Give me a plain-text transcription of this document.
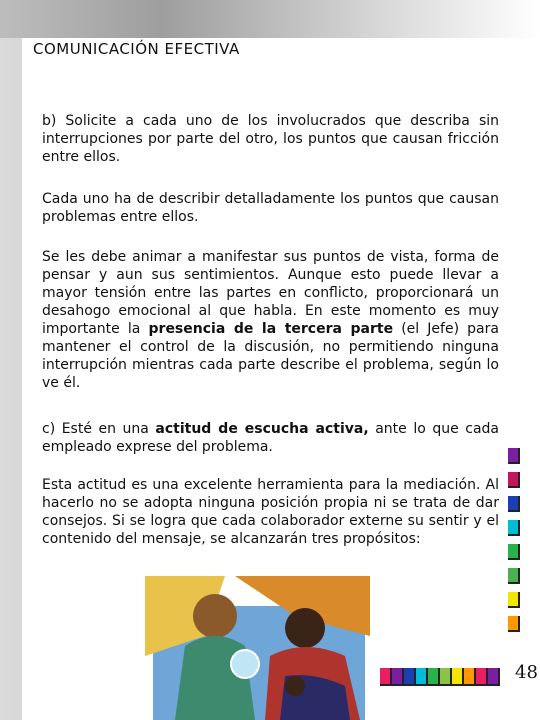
COMUNICACIÓN EFECTIVA

b) Solicite a cada uno de los involucrados que describa sin interrupciones por parte del otro, los puntos que causan fricción entre ellos.

Cada uno ha de describir detalladamente los puntos que causan problemas entre ellos.

Se les debe animar a manifestar sus puntos de vista, forma de pensar y aun sus sentimientos. Aunque esto puede llevar a mayor tensión entre las partes en conflicto, proporcionará un desahogo emocional al que habla. En este momento es muy importante la presencia de la tercera parte (el Jefe) para mantener el control de la discusión, no permitiendo ninguna interrupción mientras cada parte describe el problema, según lo ve él.

c) Esté en una actitud de escucha activa, ante lo que cada empleado exprese del problema.

Esta actitud es una excelente herramienta para la mediación. Al hacerlo no se adopta ninguna posición propia ni se trata de dar consejos. Si se logra que cada colaborador externe su sentir y el contenido del mensaje, se alcanzarán tres propósitos:

48
